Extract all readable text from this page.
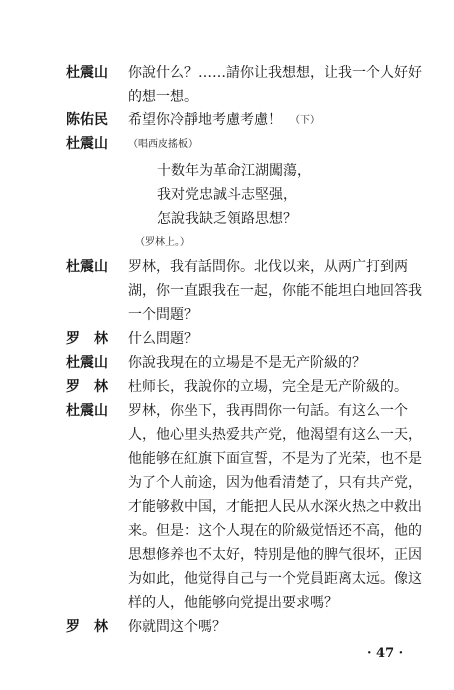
杜震山 你說什么？……請你让我想想，让我一个人好好
的想一想。
陈佑民 希望你冷靜地考慮考慮！ （下）
杜震山 （唱西皮搖板）
十数年为革命江湖闖蕩，
我对党忠誠斗志堅强，
怎說我缺乏領路思想？
（罗林上。）
杜震山 罗林，我有話問你。北伐以来，从两广打到两
湖，你一直跟我在一起，你能不能坦白地回答我
一个問題？
罗　林 什么問題？
杜震山 你說我現在的立場是不是无产阶級的？
罗　林 杜师长，我說你的立場，完全是无产阶級的。
杜震山 罗林，你坐下，我再問你一句話。有这么一个
人，他心里头热爱共产党，他渴望有这么一天，
他能够在紅旗下面宣誓，不是为了光荣，也不是
为了个人前途，因为他看清楚了，只有共产党，
才能够救中国，才能把人民从水深火热之中救出
来。但是：这个人現在的阶級觉悟还不高，他的
思想修养也不太好，特別是他的脾气很坏，正因
为如此，他觉得自己与一个党員距离太远。像这
样的人，他能够向党提出要求嗎？
罗　林 你就問这个嗎？
· 47 ·
